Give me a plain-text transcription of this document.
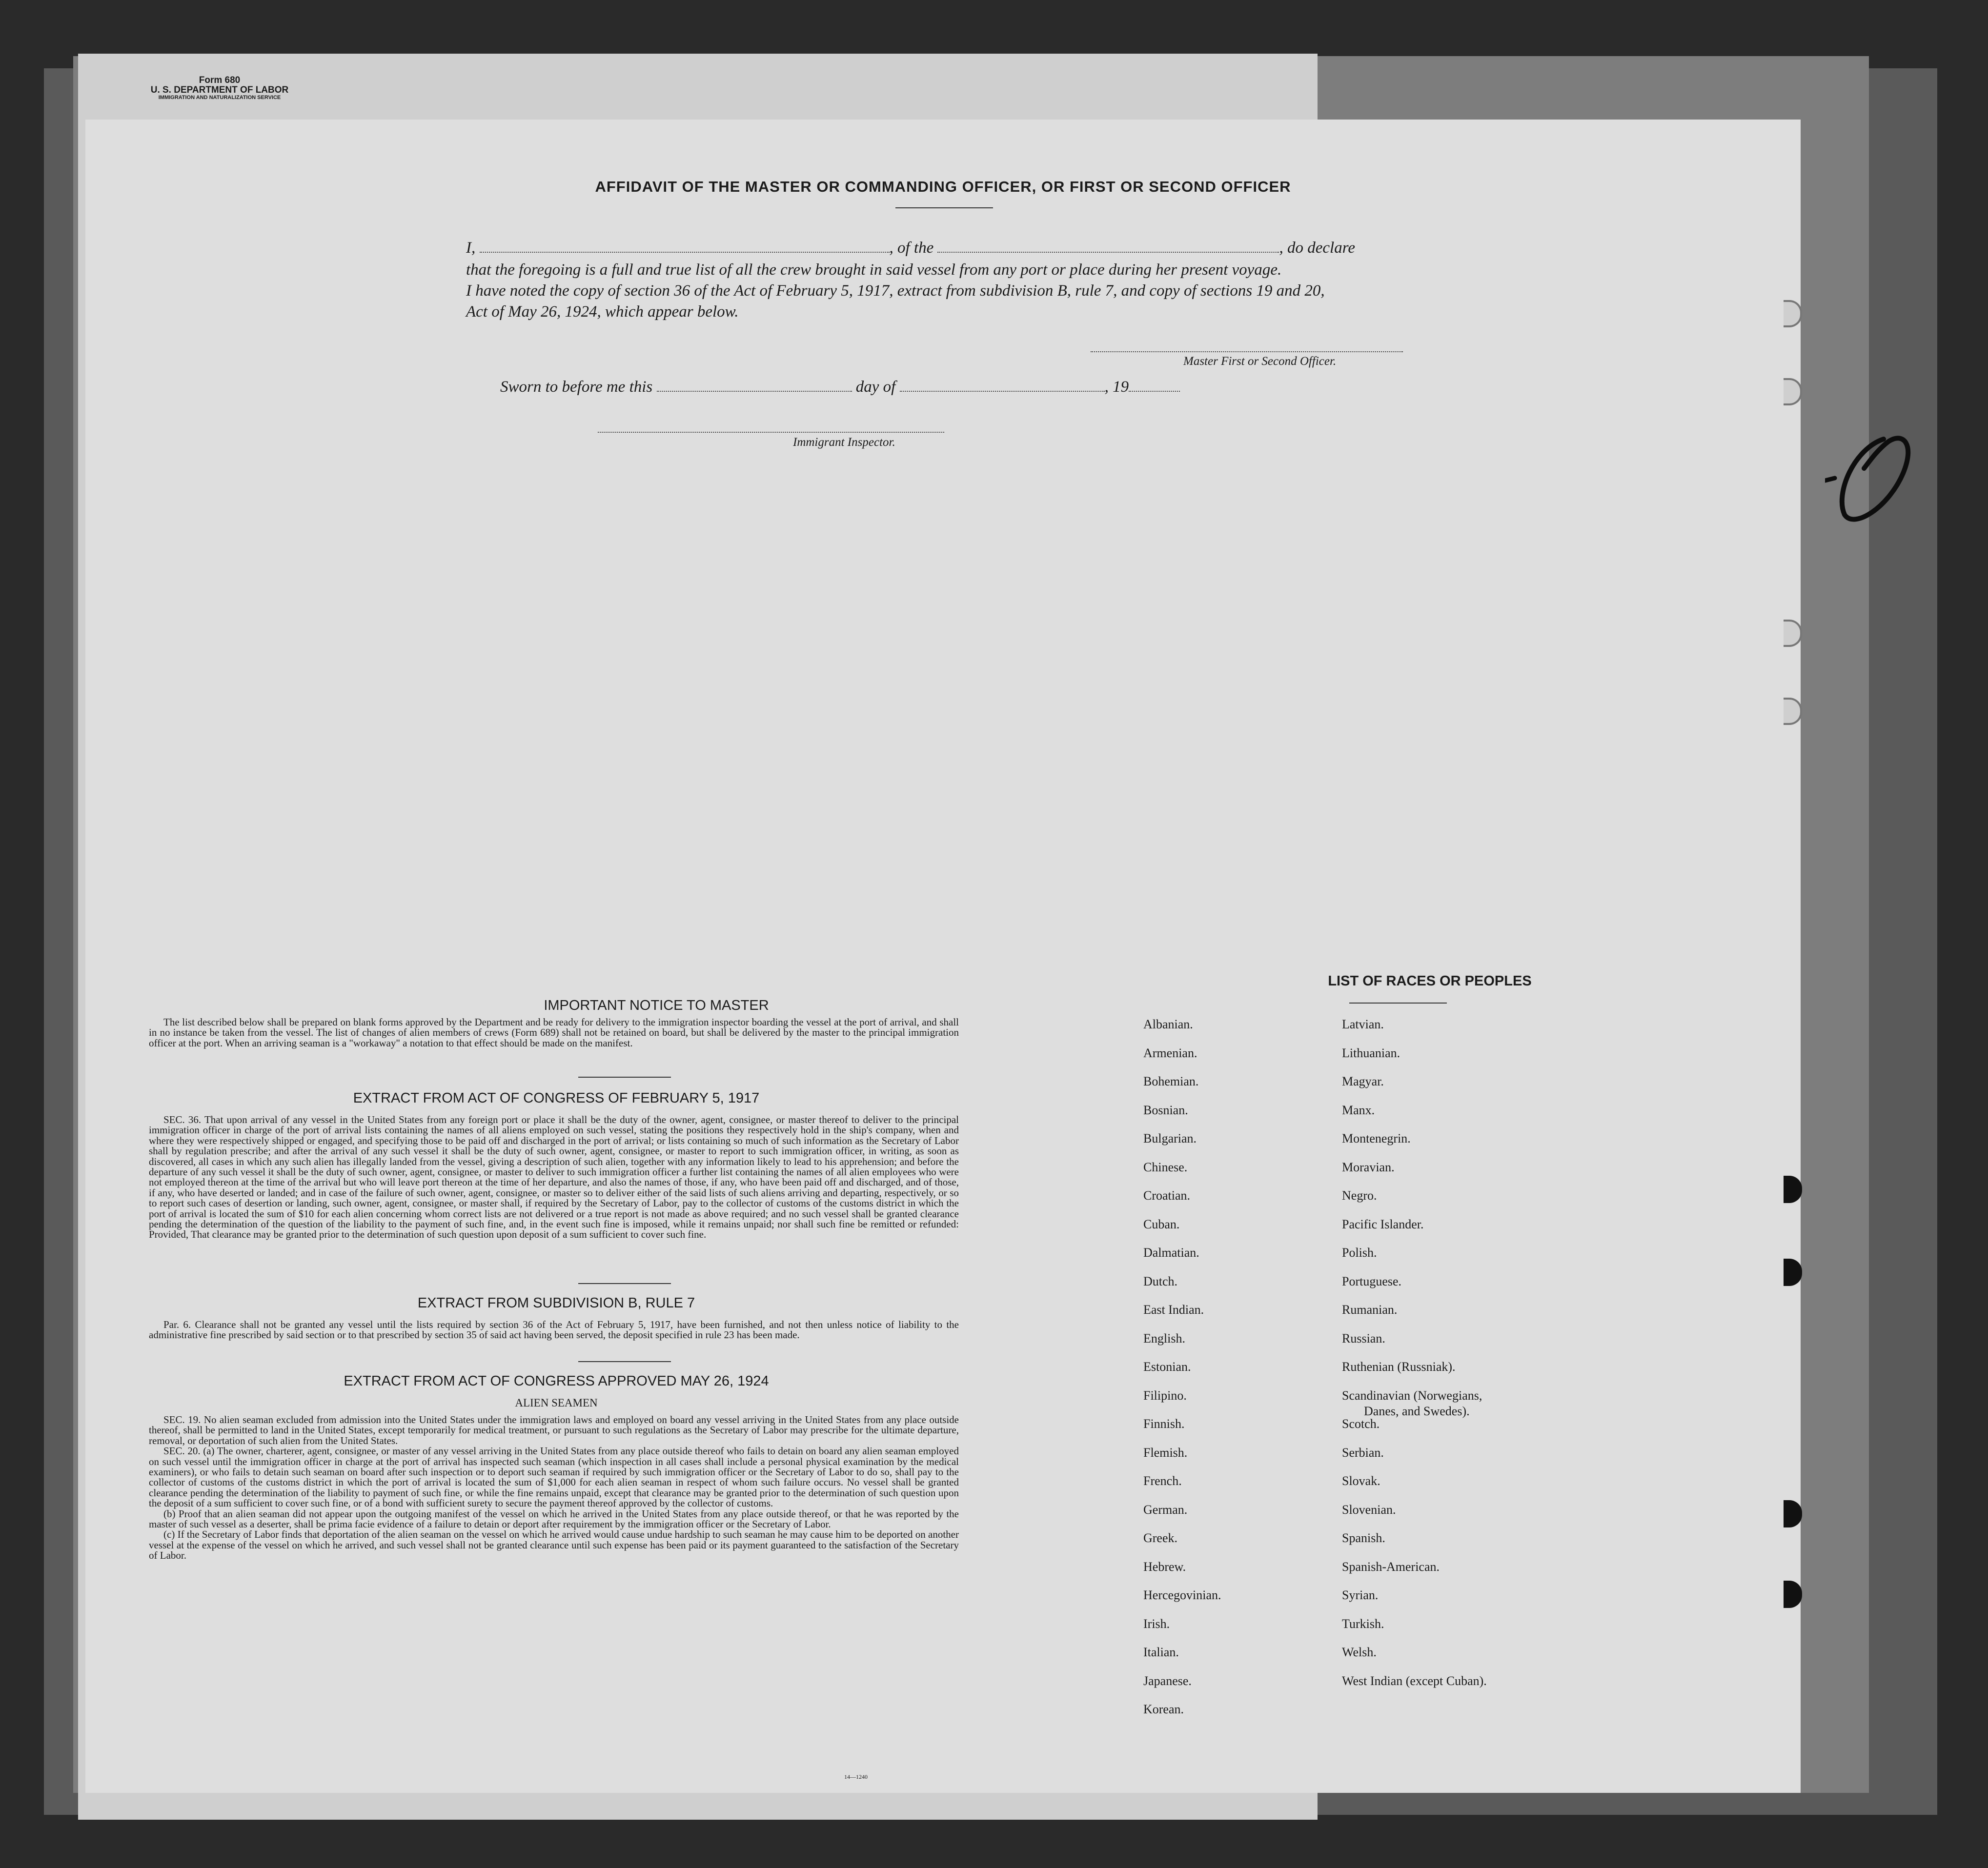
Form 680
U. S. DEPARTMENT OF LABOR
IMMIGRATION AND NATURALIZATION SERVICE
AFFIDAVIT OF THE MASTER OR COMMANDING OFFICER, OR FIRST OR SECOND OFFICER
I,	, of the	, do declare
that the foregoing is a full and true list of all the crew brought in said vessel from any port or place during her present voyage.
I have noted the copy of section 36 of the Act of February 5, 1917, extract from subdivision B, rule 7, and copy of sections 19 and 20,
Act of May 26, 1924, which appear below.
Master First or Second Officer.
Sworn to before me this	day of	, 19
Immigrant Inspector.
IMPORTANT NOTICE TO MASTER

The list described below shall be prepared on blank forms approved by the Department and be ready for delivery to the immigration inspector boarding the vessel at the port of arrival, and shall in no instance be taken from the vessel. The list of changes of alien members of crews (Form 689) shall not be retained on board, but shall be delivered by the master to the principal immigration officer at the port. When an arriving seaman is a "workaway" a notation to that effect should be made on the manifest.

EXTRACT FROM ACT OF CONGRESS OF FEBRUARY 5, 1917

SEC. 36. That upon arrival of any vessel in the United States from any foreign port or place it shall be the duty of the owner, agent, consignee, or master thereof to deliver to the principal immigration officer in charge of the port of arrival lists containing the names of all aliens employed on such vessel, stating the positions they respectively hold in the ship's company, when and where they were respectively shipped or engaged, and specifying those to be paid off and discharged in the port of arrival; or lists containing so much of such information as the Secretary of Labor shall by regulation prescribe; and after the arrival of any such vessel it shall be the duty of such owner, agent, consignee, or master to report to such immigration officer, in writing, as soon as discovered, all cases in which any such alien has illegally landed from the vessel, giving a description of such alien, together with any information likely to lead to his apprehension; and before the departure of any such vessel it shall be the duty of such owner, agent, consignee, or master to deliver to such immigration officer a further list containing the names of all alien employees who were not employed thereon at the time of the arrival but who will leave port thereon at the time of her departure, and also the names of those, if any, who have been paid off and discharged, and of those, if any, who have deserted or landed; and in case of the failure of such owner, agent, consignee, or master so to deliver either of the said lists of such aliens arriving and departing, respectively, or so to report such cases of desertion or landing, such owner, agent, consignee, or master shall, if required by the Secretary of Labor, pay to the collector of customs of the customs district in which the port of arrival is located the sum of $10 for each alien concerning whom correct lists are not delivered or a true report is not made as above required; and no such vessel shall be granted clearance pending the determination of the question of the liability to the payment of such fine, and, in the event such fine is imposed, while it remains unpaid; nor shall such fine be remitted or refunded: Provided, That clearance may be granted prior to the determination of such question upon deposit of a sum sufficient to cover such fine.

EXTRACT FROM SUBDIVISION B, RULE 7

Par. 6. Clearance shall not be granted any vessel until the lists required by section 36 of the Act of February 5, 1917, have been furnished, and not then unless notice of liability to the administrative fine prescribed by said section or to that prescribed by section 35 of said act having been served, the deposit specified in rule 23 has been made.

EXTRACT FROM ACT OF CONGRESS APPROVED MAY 26, 1924
ALIEN SEAMEN

SEC. 19. No alien seaman excluded from admission into the United States under the immigration laws and employed on board any vessel arriving in the United States from any place outside thereof, shall be permitted to land in the United States, except temporarily for medical treatment, or pursuant to such regulations as the Secretary of Labor may prescribe for the ultimate departure, removal, or deportation of such alien from the United States.

SEC. 20. (a) The owner, charterer, agent, consignee, or master of any vessel arriving in the United States from any place outside thereof who fails to detain on board any alien seaman employed on such vessel until the immigration officer in charge at the port of arrival has inspected such seaman (which inspection in all cases shall include a personal physical examination by the medical examiners), or who fails to detain such seaman on board after such inspection or to deport such seaman if required by such immigration officer or the Secretary of Labor to do so, shall pay to the collector of customs of the customs district in which the port of arrival is located the sum of $1,000 for each alien seaman in respect of whom such failure occurs. No vessel shall be granted clearance pending the determination of the liability to payment of such fine, or while the fine remains unpaid, except that clearance may be granted prior to the determination of such question upon the deposit of a sum sufficient to cover such fine, or of a bond with sufficient surety to secure the payment thereof approved by the collector of customs.

(b) Proof that an alien seaman did not appear upon the outgoing manifest of the vessel on which he arrived in the United States from any place outside thereof, or that he was reported by the master of such vessel as a deserter, shall be prima facie evidence of a failure to detain or deport after requirement by the immigration officer or the Secretary of Labor.

(c) If the Secretary of Labor finds that deportation of the alien seaman on the vessel on which he arrived would cause undue hardship to such seaman he may cause him to be deported on another vessel at the expense of the vessel on which he arrived, and such vessel shall not be granted clearance until such expense has been paid or its payment guaranteed to the satisfaction of the Secretary of Labor.

14—1240
LIST OF RACES OR PEOPLES
Albanian.
Armenian.
Bohemian.
Bosnian.
Bulgarian.
Chinese.
Croatian.
Cuban.
Dalmatian.
Dutch.
East Indian.
English.
Estonian.
Filipino.
Finnish.
Flemish.
French.
German.
Greek.
Hebrew.
Hercegovinian.
Irish.
Italian.
Japanese.
Korean.
Latvian.
Lithuanian.
Magyar.
Manx.
Montenegrin.
Moravian.
Negro.
Pacific Islander.
Polish.
Portuguese.
Rumanian.
Russian.
Ruthenian (Russniak).
Scandinavian (Norwegians,
Danes, and Swedes).
Scotch.
Serbian.
Slovak.
Slovenian.
Spanish.
Spanish-American.
Syrian.
Turkish.
Welsh.
West Indian (except Cuban).
